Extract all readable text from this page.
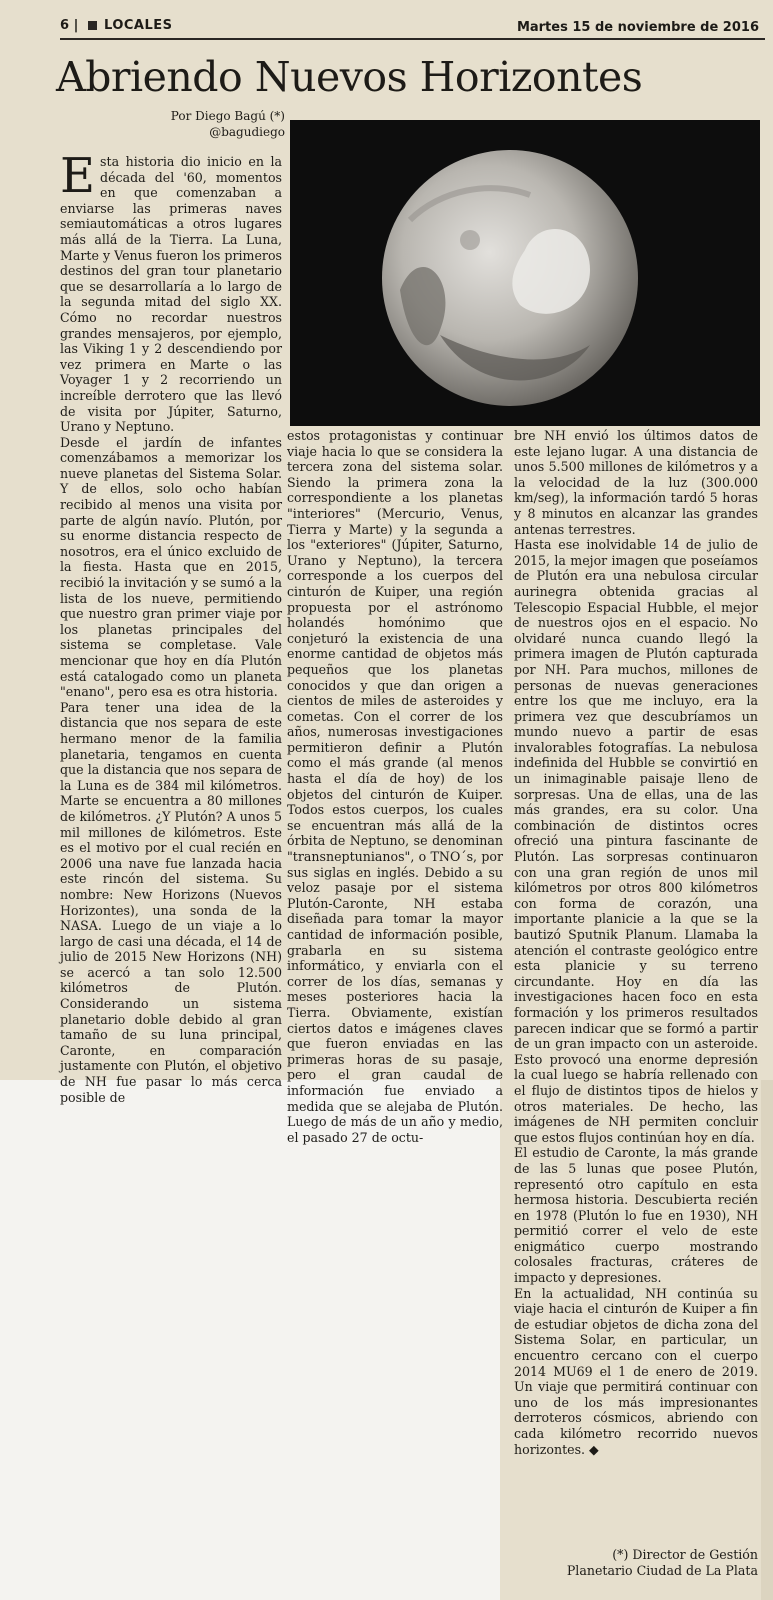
6 | LOCALES	Martes 15 de noviembre de 2016
Abriendo Nuevos Horizontes
Por Diego Bagú (*)
@bagudiego
E sta historia dio inicio en la década del '60, momentos en que comenzaban a enviarse las primeras naves semiautomáticas a otros lugares más allá de la Tierra. La Luna, Marte y Venus fueron los primeros destinos del gran tour planetario que se desarrollaría a lo largo de la segunda mitad del siglo XX. Cómo no recordar nuestros grandes mensajeros, por ejemplo, las Viking 1 y 2 descendiendo por vez primera en Marte o las Voyager 1 y 2 recorriendo un increíble derrotero que las llevó de visita por Júpiter, Saturno, Urano y Neptuno.

Desde el jardín de infantes comenzábamos a memorizar los nueve planetas del Sistema Solar. Y de ellos, solo ocho habían recibido al menos una visita por parte de algún navío. Plutón, por su enorme distancia respecto de nosotros, era el único excluido de la fiesta. Hasta que en 2015, recibió la invitación y se sumó a la lista de los nueve, permitiendo que nuestro gran primer viaje por los planetas principales del sistema se completase. Vale mencionar que hoy en día Plutón está catalogado como un planeta "enano", pero esa es otra historia.

Para tener una idea de la distancia que nos separa de este hermano menor de la familia planetaria, tengamos en cuenta que la distancia que nos separa de la Luna es de 384 mil kilómetros. Marte se encuentra a 80 millones de kilómetros. ¿Y Plutón? A unos 5 mil millones de kilómetros. Este es el motivo por el cual recién en 2006 una nave fue lanzada hacia este rincón del sistema. Su nombre: New Horizons (Nuevos Horizontes), una sonda de la NASA. Luego de un viaje a lo largo de casi una década, el 14 de julio de 2015 New Horizons (NH) se acercó a tan solo 12.500 kilómetros de Plutón. Considerando un sistema planetario doble debido al gran tamaño de su luna principal, Caronte, en comparación justamente con Plutón, el objetivo de NH fue pasar lo más cerca posible de

estos protagonistas y continuar viaje hacia lo que se considera la tercera zona del sistema solar. Siendo la primera zona la correspondiente a los planetas "interiores" (Mercurio, Venus, Tierra y Marte) y la segunda a los "exteriores" (Júpiter, Saturno, Urano y Neptuno), la tercera corresponde a los cuerpos del cinturón de Kuiper, una región propuesta por el astrónomo holandés homónimo que conjeturó la existencia de una enorme cantidad de objetos más pequeños que los planetas conocidos y que dan origen a cientos de miles de asteroides y cometas. Con el correr de los años, numerosas investigaciones permitieron definir a Plutón como el más grande (al menos hasta el día de hoy) de los objetos del cinturón de Kuiper. Todos estos cuerpos, los cuales se encuentran más allá de la órbita de Neptuno, se denominan "transneptunianos", o TNO´s, por sus siglas en inglés. Debido a su veloz pasaje por el sistema Plutón-Caronte, NH estaba diseñada para tomar la mayor cantidad de información posible, grabarla en su sistema informático, y enviarla con el correr de los días, semanas y meses posteriores hacia la Tierra. Obviamente, existían ciertos datos e imágenes claves que fueron enviadas en las primeras horas de su pasaje, pero el gran caudal de información fue enviado a medida que se alejaba de Plutón. Luego de más de un año y medio, el pasado 27 de octu-

bre NH envió los últimos datos de este lejano lugar. A una distancia de unos 5.500 millones de kilómetros y a la velocidad de la luz (300.000 km/seg), la información tardó 5 horas y 8 minutos en alcanzar las grandes antenas terrestres.

Hasta ese inolvidable 14 de julio de 2015, la mejor imagen que poseíamos de Plutón era una nebulosa circular aurinegra obtenida gracias al Telescopio Espacial Hubble, el mejor de nuestros ojos en el espacio. No olvidaré nunca cuando llegó la primera imagen de Plutón capturada por NH. Para muchos, millones de personas de nuevas generaciones entre los que me incluyo, era la primera vez que descubríamos un mundo nuevo a partir de esas invalorables fotografías. La nebulosa indefinida del Hubble se convirtió en un inimaginable paisaje lleno de sorpresas. Una de ellas, una de las más grandes, era su color. Una combinación de distintos ocres ofreció una pintura fascinante de Plutón. Las sorpresas continuaron con una gran región de unos mil kilómetros por otros 800 kilómetros con forma de corazón, una importante planicie a la que se la bautizó Sputnik Planum. Llamaba la atención el contraste geológico entre esta planicie y su terreno circundante. Hoy en día las investigaciones hacen foco en esta formación y los primeros resultados parecen indicar que se formó a partir de un gran impacto con un asteroide. Esto provocó una enorme depresión la cual luego se habría rellenado con el flujo de distintos tipos de hielos y otros materiales. De hecho, las imágenes de NH permiten concluir que estos flujos continúan hoy en día.

El estudio de Caronte, la más grande de las 5 lunas que posee Plutón, representó otro capítulo en esta hermosa historia. Descubierta recién en 1978 (Plutón lo fue en 1930), NH permitió correr el velo de este enigmático cuerpo mostrando colosales fracturas, cráteres de impacto y depresiones.

En la actualidad, NH continúa su viaje hacia el cinturón de Kuiper a fin de estudiar objetos de dicha zona del Sistema Solar, en particular, un encuentro cercano con el cuerpo 2014 MU69 el 1 de enero de 2019. Un viaje que permitirá continuar con uno de los más impresionantes derroteros cósmicos, abriendo con cada kilómetro recorrido nuevos horizontes. ◆

(*) Director de Gestión
Planetario Ciudad de La Plata
